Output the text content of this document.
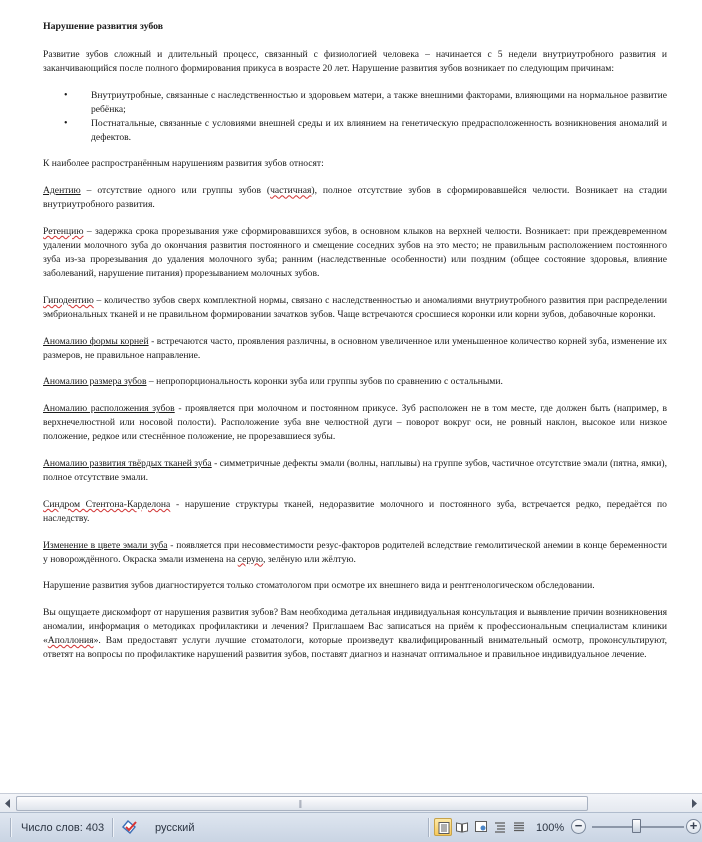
Нарушение развития зубов

Развитие зубов сложный и длительный процесс, связанный с физиологией человека – начинается с 5 недели внутриутробного развития и заканчивающийся после полного формирования прикуса в возрасте 20 лет. Нарушение развития зубов возникает по следующим причинам:

• Внутриутробные, связанные с наследственностью и здоровьем матери, а также внешними факторами, влияющими на нормальное развитие ребёнка;
• Постнатальные, связанные с условиями внешней среды и их влиянием на генетическую предрасположенность возникновения аномалий и дефектов.

К наиболее распространённым нарушениям развития зубов относят:

Адентию – отсутствие одного или группы зубов (частичная), полное отсутствие зубов в сформировавшейся челюсти. Возникает на стадии внутриутробного развития.

Ретенцию – задержка срока прорезывания уже сформировавшихся зубов, в основном клыков на верхней челюсти. Возникает: при преждевременном удалении молочного зуба до окончания развития постоянного и смещение соседних зубов на это место; не правильным расположением постоянного зуба из-за прорезывания до удаления молочного зуба; ранним (наследственные особенности) или поздним (общее состояние здоровья, влияние заболеваний, нарушение питания) прорезыванием молочных зубов.

Гиподентию – количество зубов сверх комплектной нормы, связано с наследственностью и аномалиями внутриутробного развития при распределении эмбриональных тканей и не правильном формировании зачатков зубов. Чаще встречаются сросшиеся коронки или корни зубов, добавочные коронки.

Аномалию формы корней - встречаются часто, проявления различны, в основном увеличенное или уменьшенное количество корней зуба, изменение их размеров, не правильное направление.

Аномалию размера зубов – непропорциональность коронки зуба или группы зубов по сравнению с остальными.

Аномалию расположения зубов - проявляется при молочном и постоянном прикусе. Зуб расположен не в том месте, где должен быть (например, в верхнечелюстной или носовой полости). Расположение зуба вне челюстной дуги – поворот вокруг оси, не ровный наклон, высокое или низкое положение, редкое или стеснённое положение, не прорезавшиеся зубы.

Аномалию развития твёрдых тканей зуба - симметричные дефекты эмали (волны, наплывы) на группе зубов, частичное отсутствие эмали (пятна, ямки), полное отсутствие эмали.

Синдром Стентона-Карделона - нарушение структуры тканей, недоразвитие молочного и постоянного зуба, встречается редко, передаётся по наследству.

Изменение в цвете эмали зуба - появляется при несовместимости резус-факторов родителей вследствие гемолитической анемии в конце беременности у новорождённого. Окраска эмали изменена на серую, зелёную или жёлтую.

Нарушение развития зубов диагностируется только стоматологом при осмотре их внешнего вида и рентгенологическом обследовании.

Вы ощущаете дискомфорт от нарушения развития зубов? Вам необходима детальная индивидуальная консультация и выявление причин возникновения аномалии, информация о методиках профилактики и лечения? Приглашаем Вас записаться на приём к профессиональным специалистам клиники «Аполлония». Вам предоставят услуги лучшие стоматологи, которые произведут квалифицированный внимательный осмотр, проконсультируют, ответят на вопросы по профилактике нарушений развития зубов, поставят диагноз и назначат оптимальное и правильное индивидуальное лечение.

|||
Число слов: 403	русский	100% −	+
